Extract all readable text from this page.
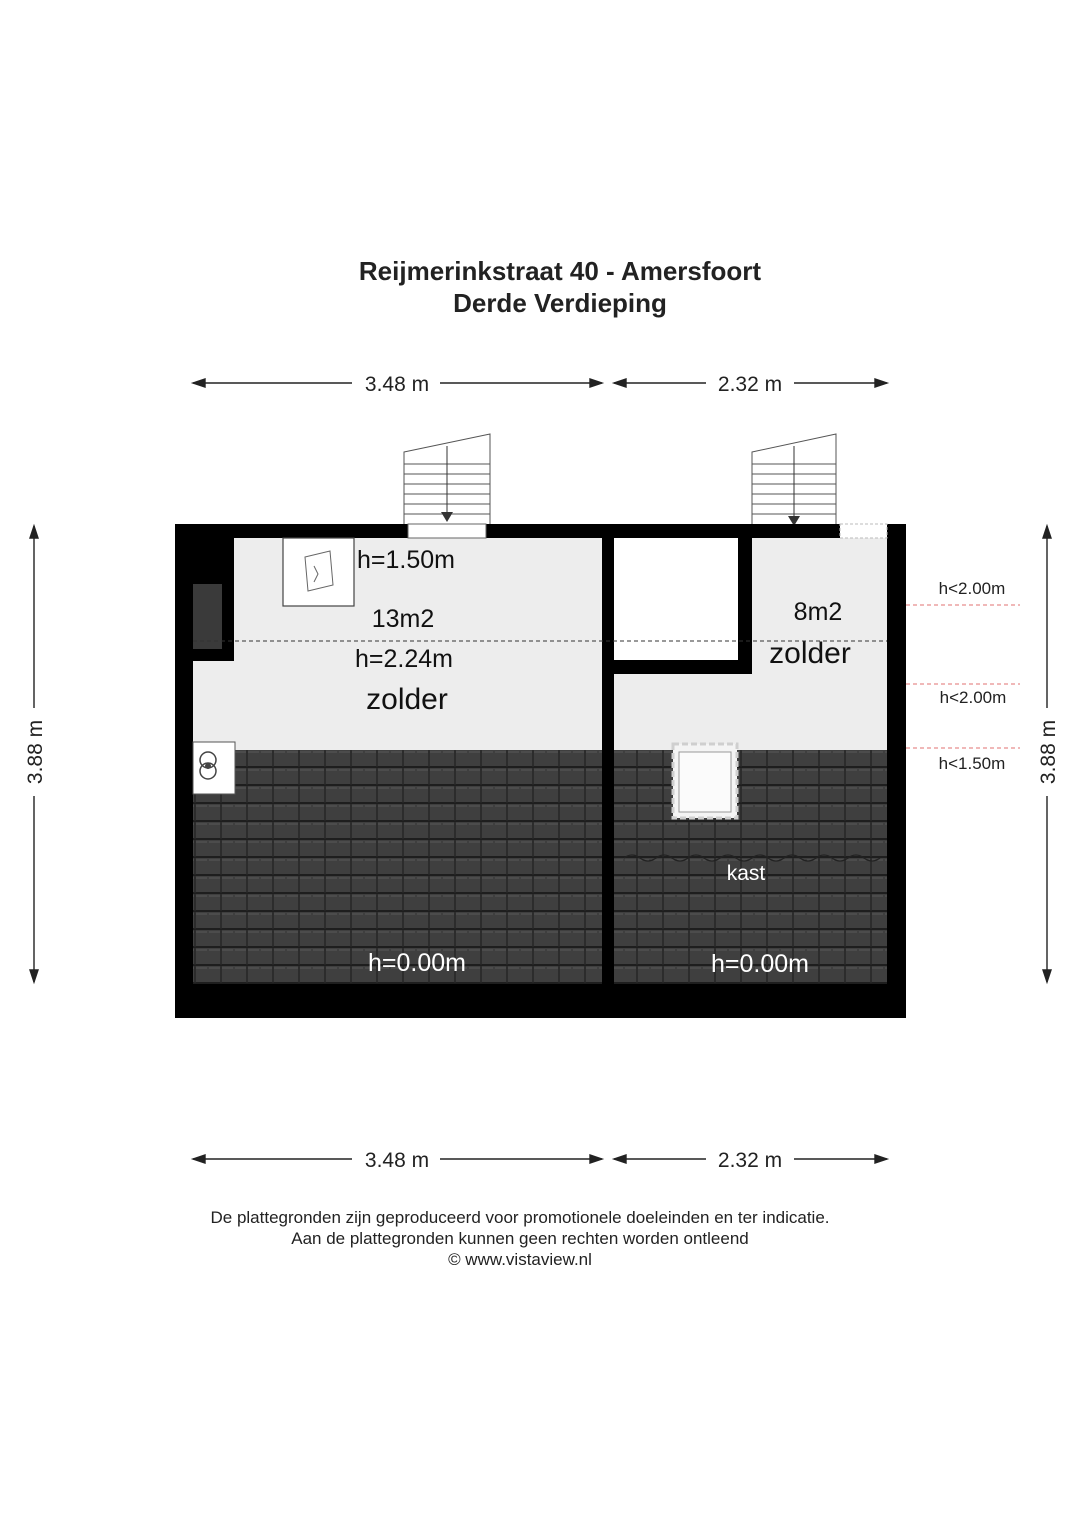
Reijmerinkstraat 40 - Amersfoort
Derde Verdieping
3.48 m	2.32 m
3.48 m	2.32 m
3.88 m	3.88 m
h<2.00m
h<2.00m
h<1.50m
h=1.50m
13m2
h=2.24m
zolder
h=0.00m
8m2
zolder
kast
h=0.00m
De plattegronden zijn geproduceerd voor promotionele doeleinden en ter indicatie.
Aan de plattegronden kunnen geen rechten worden ontleend
© www.vistaview.nl
